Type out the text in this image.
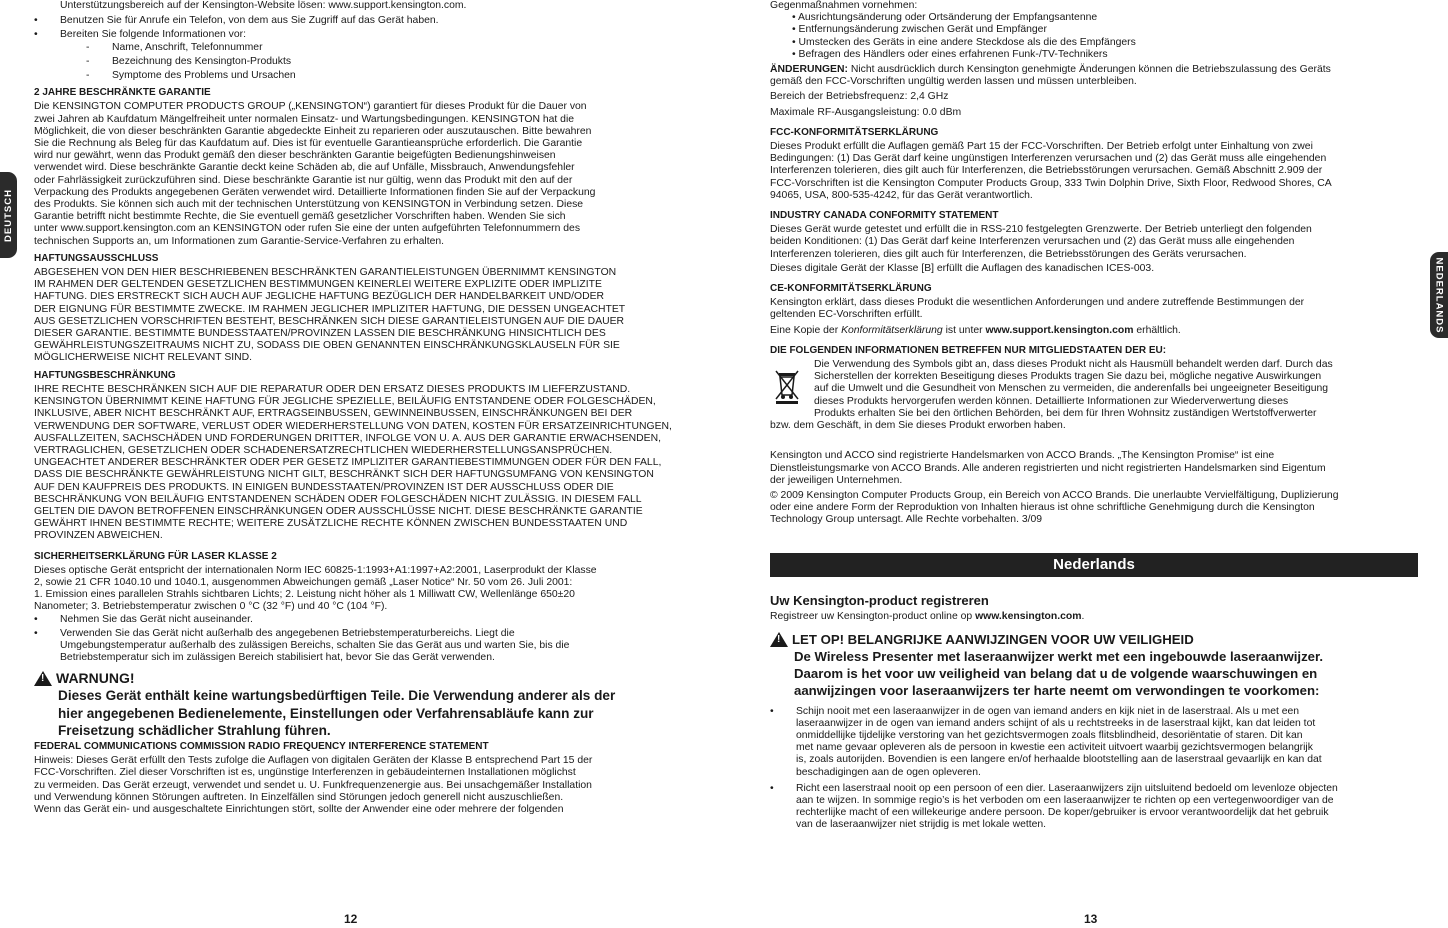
DEUTSCH
NEDERLANDS

Unterstützungsbereich auf der Kensington-Website lösen: www.support.kensington.com.

• Benutzen Sie für Anrufe ein Telefon, von dem aus Sie Zugriff auf das Gerät haben.
• Bereiten Sie folgende Informationen vor:
- Name, Anschrift, Telefonnummer
- Bezeichnung des Kensington-Produkts
- Symptome des Problems und Ursachen
2 JAHRE BESCHRÄNKTE GARANTIE

Die KENSINGTON COMPUTER PRODUCTS GROUP („KENSINGTON“) garantiert für dieses Produkt für die Dauer von
zwei Jahren ab Kaufdatum Mängelfreiheit unter normalen Einsatz- und Wartungsbedingungen. KENSINGTON hat die
Möglichkeit, die von dieser beschränkten Garantie abgedeckte Einheit zu reparieren oder auszutauschen. Bitte bewahren
Sie die Rechnung als Beleg für das Kaufdatum auf. Dies ist für eventuelle Garantieansprüche erforderlich. Die Garantie
wird nur gewährt, wenn das Produkt gemäß den dieser beschränkten Garantie beigefügten Bedienungshinweisen
verwendet wird. Diese beschränkte Garantie deckt keine Schäden ab, die auf Unfälle, Missbrauch, Anwendungsfehler
oder Fahrlässigkeit zurückzuführen sind. Diese beschränkte Garantie ist nur gültig, wenn das Produkt mit den auf der
Verpackung des Produkts angegebenen Geräten verwendet wird. Detaillierte Informationen finden Sie auf der Verpackung
des Produkts. Sie können sich auch mit der technischen Unterstützung von KENSINGTON in Verbindung setzen. Diese
Garantie betrifft nicht bestimmte Rechte, die Sie eventuell gemäß gesetzlicher Vorschriften haben. Wenden Sie sich
unter www.support.kensington.com an KENSINGTON oder rufen Sie eine der unten aufgeführten Telefonnummern des
technischen Supports an, um Informationen zum Garantie-Service-Verfahren zu erhalten.

HAFTUNGSAUSSCHLUSS

ABGESEHEN VON DEN HIER BESCHRIEBENEN BESCHRÄNKTEN GARANTIELEISTUNGEN ÜBERNIMMT KENSINGTON
IM RAHMEN DER GELTENDEN GESETZLICHEN BESTIMMUNGEN KEINERLEI WEITERE EXPLIZITE ODER IMPLIZITE
HAFTUNG. DIES ERSTRECKT SICH AUCH AUF JEGLICHE HAFTUNG BEZÜGLICH DER HANDELBARKEIT UND/ODER
DER EIGNUNG FÜR BESTIMMTE ZWECKE. IM RAHMEN JEGLICHER IMPLIZITER HAFTUNG, DIE DESSEN UNGEACHTET
AUS GESETZLICHEN VORSCHRIFTEN BESTEHT, BESCHRÄNKEN SICH DIESE GARANTIELEISTUNGEN AUF DIE DAUER
DIESER GARANTIE. BESTIMMTE BUNDESSTAATEN/PROVINZEN LASSEN DIE BESCHRÄNKUNG HINSICHTLICH DES
GEWÄHRLEISTUNGSZEITRAUMS NICHT ZU, SODASS DIE OBEN GENANNTEN EINSCHRÄNKUNGSKLAUSELN FÜR SIE
MÖGLICHERWEISE NICHT RELEVANT SIND.

HAFTUNGSBESCHRÄNKUNG

IHRE RECHTE BESCHRÄNKEN SICH AUF DIE REPARATUR ODER DEN ERSATZ DIESES PRODUKTS IM LIEFERZUSTAND.
KENSINGTON ÜBERNIMMT KEINE HAFTUNG FÜR JEGLICHE SPEZIELLE, BEILÄUFIG ENTSTANDENE ODER FOLGESCHÄDEN,
INKLUSIVE, ABER NICHT BESCHRÄNKT AUF, ERTRAGSEINBUSSEN, GEWINNEINBUSSEN, EINSCHRÄNKUNGEN BEI DER
VERWENDUNG DER SOFTWARE, VERLUST ODER WIEDERHERSTELLUNG VON DATEN, KOSTEN FÜR ERSATZEINRICHTUNGEN,
AUSFALLZEITEN, SACHSCHÄDEN UND FORDERUNGEN DRITTER, INFOLGE VON U. A. AUS DER GARANTIE ERWACHSENDEN,
VERTRAGLICHEN, GESETZLICHEN ODER SCHADENERSATZRECHTLICHEN WIEDERHERSTELLUNGSANSPRÜCHEN.
UNGEACHTET ANDERER BESCHRÄNKTER ODER PER GESETZ IMPLIZITER GARANTIEBESTIMMUNGEN ODER FÜR DEN FALL,
DASS DIE BESCHRÄNKTE GEWÄHRLEISTUNG NICHT GILT, BESCHRÄNKT SICH DER HAFTUNGSUMFANG VON KENSINGTON
AUF DEN KAUFPREIS DES PRODUKTS. IN EINIGEN BUNDESSTAATEN/PROVINZEN IST DER AUSSCHLUSS ODER DIE
BESCHRÄNKUNG VON BEILÄUFIG ENTSTANDENEN SCHÄDEN ODER FOLGESCHÄDEN NICHT ZULÄSSIG. IN DIESEM FALL
GELTEN DIE DAVON BETROFFENEN EINSCHRÄNKUNGEN ODER AUSSCHLÜSSE NICHT. DIESE BESCHRÄNKTE GARANTIE
GEWÄHRT IHNEN BESTIMMTE RECHTE; WEITERE ZUSÄTZLICHE RECHTE KÖNNEN ZWISCHEN BUNDESSTAATEN UND
PROVINZEN ABWEICHEN.

SICHERHEITSERKLÄRUNG FÜR LASER KLASSE 2

Dieses optische Gerät entspricht der internationalen Norm IEC 60825-1:1993+A1:1997+A2:2001, Laserprodukt der Klasse
2, sowie 21 CFR 1040.10 und 1040.1, ausgenommen Abweichungen gemäß „Laser Notice“ Nr. 50 vom 26. Juli 2001:
1. Emission eines parallelen Strahls sichtbaren Lichts; 2. Leistung nicht höher als 1 Milliwatt CW, Wellenlänge 650±20
Nanometer; 3. Betriebstemperatur zwischen 0 °C (32 °F) und 40 °C (104 °F).

• Nehmen Sie das Gerät nicht auseinander.
• Verwenden Sie das Gerät nicht außerhalb des angegebenen Betriebstemperaturbereichs. Liegt die
Umgebungstemperatur außerhalb des zulässigen Bereichs, schalten Sie das Gerät aus und warten Sie, bis die
Betriebstemperatur sich im zulässigen Bereich stabilisiert hat, bevor Sie das Gerät verwenden.
!
WARNUNG!
Dieses Gerät enthält keine wartungsbedürftigen Teile. Die Verwendung anderer als der
hier angegebenen Bedienelemente, Einstellungen oder Verfahrensabläufe kann zur
Freisetzung schädlicher Strahlung führen.
FEDERAL COMMUNICATIONS COMMISSION RADIO FREQUENCY INTERFERENCE STATEMENT

Hinweis: Dieses Gerät erfüllt den Tests zufolge die Auflagen von digitalen Geräten der Klasse B entsprechend Part 15 der
FCC-Vorschriften. Ziel dieser Vorschriften ist es, ungünstige Interferenzen in gebäudeinternen Installationen möglichst
zu vermeiden. Das Gerät erzeugt, verwendet und sendet u. U. Funkfrequenzenergie aus. Bei unsachgemäßer Installation
und Verwendung können Störungen auftreten. In Einzelfällen sind Störungen jedoch generell nicht auszuschließen.
Wenn das Gerät ein- und ausgeschaltete Einrichtungen stört, sollte der Anwender eine oder mehrere der folgenden

12	13

Gegenmaßnahmen vornehmen:

• Ausrichtungsänderung oder Ortsänderung der Empfangsantenne
• Entfernungsänderung zwischen Gerät und Empfänger
• Umstecken des Geräts in eine andere Steckdose als die des Empfängers
• Befragen des Händlers oder eines erfahrenen Funk-/TV-Technikers

ÄNDERUNGEN: Nicht ausdrücklich durch Kensington genehmigte Änderungen können die Betriebszulassung des Geräts
gemäß den FCC-Vorschriften ungültig werden lassen und müssen unterbleiben.

Bereich der Betriebsfrequenz: 2,4 GHz

Maximale RF-Ausgangsleistung: 0.0 dBm

FCC-KONFORMITÄTSERKLÄRUNG

Dieses Produkt erfüllt die Auflagen gemäß Part 15 der FCC-Vorschriften. Der Betrieb erfolgt unter Einhaltung von zwei
Bedingungen: (1) Das Gerät darf keine ungünstigen Interferenzen verursachen und (2) das Gerät muss alle eingehenden
Interferenzen tolerieren, dies gilt auch für Interferenzen, die Betriebsstörungen verursachen. Gemäß Abschnitt 2.909 der
FCC-Vorschriften ist die Kensington Computer Products Group, 333 Twin Dolphin Drive, Sixth Floor, Redwood Shores, CA
94065, USA, 800-535-4242, für das Gerät verantwortlich.

INDUSTRY CANADA CONFORMITY STATEMENT

Dieses Gerät wurde getestet und erfüllt die in RSS-210 festgelegten Grenzwerte. Der Betrieb unterliegt den folgenden
beiden Konditionen: (1) Das Gerät darf keine Interferenzen verursachen und (2) das Gerät muss alle eingehenden
Interferenzen tolerieren, dies gilt auch für Interferenzen, die Betriebsstörungen des Geräts verursachen.

Dieses digitale Gerät der Klasse [B] erfüllt die Auflagen des kanadischen ICES-003.

CE-KONFORMITÄTSERKLÄRUNG

Kensington erklärt, dass dieses Produkt die wesentlichen Anforderungen und andere zutreffende Bestimmungen der
geltenden EC-Vorschriften erfüllt.

Eine Kopie der Konformitätserklärung ist unter www.support.kensington.com erhältlich.

DIE FOLGENDEN INFORMATIONEN BETREFFEN NUR MITGLIEDSTAATEN DER EU:

Die Verwendung des Symbols gibt an, dass dieses Produkt nicht als Hausmüll behandelt werden darf. Durch das
Sicherstellen der korrekten Beseitigung dieses Produkts tragen Sie dazu bei, mögliche negative Auswirkungen
auf die Umwelt und die Gesundheit von Menschen zu vermeiden, die anderenfalls bei ungeeigneter Beseitigung
dieses Produkts hervorgerufen werden können. Detaillierte Informationen zur Wiederverwertung dieses
Produkts erhalten Sie bei den örtlichen Behörden, bei dem für Ihren Wohnsitz zuständigen Wertstoffverwerter

bzw. dem Geschäft, in dem Sie dieses Produkt erworben haben.

Kensington und ACCO sind registrierte Handelsmarken von ACCO Brands. „The Kensington Promise“ ist eine
Dienstleistungsmarke von ACCO Brands. Alle anderen registrierten und nicht registrierten Handelsmarken sind Eigentum
der jeweiligen Unternehmen.

© 2009 Kensington Computer Products Group, ein Bereich von ACCO Brands. Die unerlaubte Vervielfältigung, Duplizierung
oder eine andere Form der Reproduktion von Inhalten hieraus ist ohne schriftliche Genehmigung durch die Kensington
Technology Group untersagt. Alle Rechte vorbehalten. 3/09

Nederlands
Uw Kensington-product registreren

Registreer uw Kensington-product online op www.kensington.com.

!
LET OP! BELANGRIJKE AANWIJZINGEN VOOR UW VEILIGHEID
De Wireless Presenter met laseraanwijzer werkt met een ingebouwde laseraanwijzer.
Daarom is het voor uw veiligheid van belang dat u de volgende waarschuwingen en
aanwijzingen voor laseraanwijzers ter harte neemt om verwondingen te voorkomen:
• Schijn nooit met een laseraanwijzer in de ogen van iemand anders en kijk niet in de laserstraal. Als u met een
laseraanwijzer in de ogen van iemand anders schijnt of als u rechtstreeks in de laserstraal kijkt, kan dat leiden tot
onmiddellijke tijdelijke verstoring van het gezichtsvermogen zoals flitsblindheid, desoriëntatie of staren. Dit kan
met name gevaar opleveren als de persoon in kwestie een activiteit uitvoert waarbij gezichtsvermogen belangrijk
is, zoals autorijden. Bovendien is een langere en/of herhaalde blootstelling aan de laserstraal gevaarlijk en kan dat
beschadigingen aan de ogen opleveren.
• Richt een laserstraal nooit op een persoon of een dier. Laseraanwijzers zijn uitsluitend bedoeld om levenloze objecten
aan te wijzen. In sommige regio’s is het verboden om een laseraanwijzer te richten op een vertegenwoordiger van de
rechterlijke macht of een willekeurige andere persoon. De koper/gebruiker is ervoor verantwoordelijk dat het gebruik
van de laseraanwijzer niet strijdig is met lokale wetten.
